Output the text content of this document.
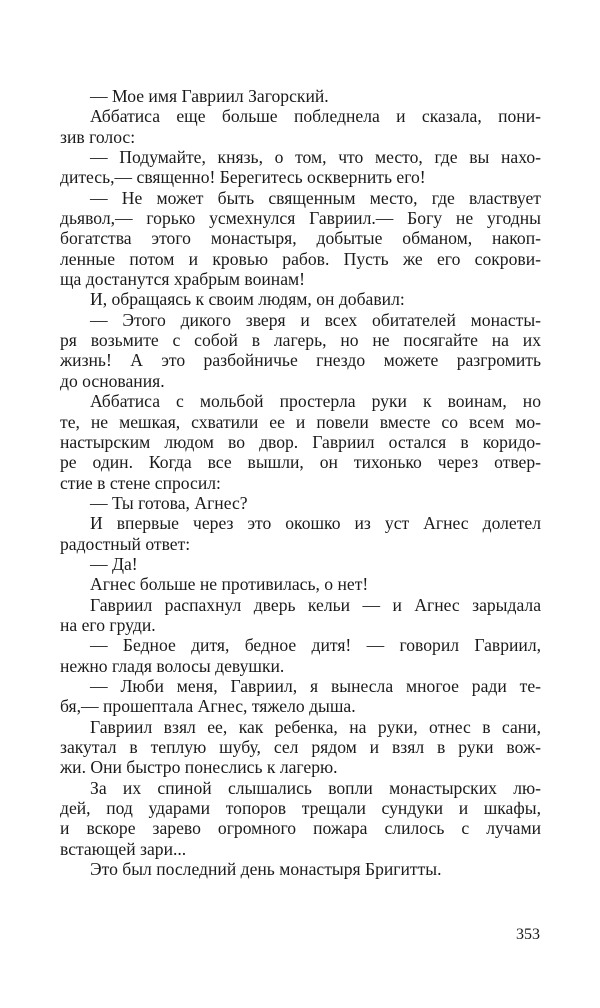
— Мое имя Гавриил Загорский.
Аббатиса еще больше побледнела и сказала, пони-
зив голос:
— Подумайте, князь, о том, что место, где вы нахо-
дитесь,— священно! Берегитесь осквернить его!
— Не может быть священным место, где властвует
дьявол,— горько усмехнулся Гавриил.— Богу не угодны
богатства этого монастыря, добытые обманом, накоп-
ленные потом и кровью рабов. Пусть же его сокрови-
ща достанутся храбрым воинам!
И, обращаясь к своим людям, он добавил:
— Этого дикого зверя и всех обитателей монасты-
ря возьмите с собой в лагерь, но не посягайте на их
жизнь! А это разбойничье гнездо можете разгромить
до основания.
Аббатиса с мольбой простерла руки к воинам, но
те, не мешкая, схватили ее и повели вместе со всем мо-
настырским людом во двор. Гавриил остался в коридо-
ре один. Когда все вышли, он тихонько через отвер-
стие в стене спросил:
— Ты готова, Агнес?
И впервые через это окошко из уст Агнес долетел
радостный ответ:
— Да!
Агнес больше не противилась, о нет!
Гавриил распахнул дверь кельи — и Агнес зарыдала
на его груди.
— Бедное дитя, бедное дитя! — говорил Гавриил,
нежно гладя волосы девушки.
— Люби меня, Гавриил, я вынесла многое ради те-
бя,— прошептала Агнес, тяжело дыша.
Гавриил взял ее, как ребенка, на руки, отнес в сани,
закутал в теплую шубу, сел рядом и взял в руки вож-
жи. Они быстро понеслись к лагерю.
За их спиной слышались вопли монастырских лю-
дей, под ударами топоров трещали сундуки и шкафы,
и вскоре зарево огромного пожара слилось с лучами
встающей зари...
Это был последний день монастыря Бригитты.
353
